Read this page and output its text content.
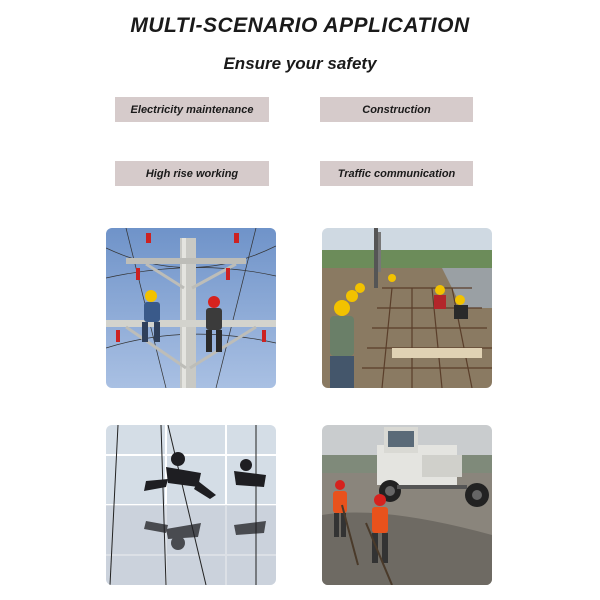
MULTI-SCENARIO APPLICATION
Ensure your safety
Electricity maintenance	Construction
High rise working	Traffic communication
